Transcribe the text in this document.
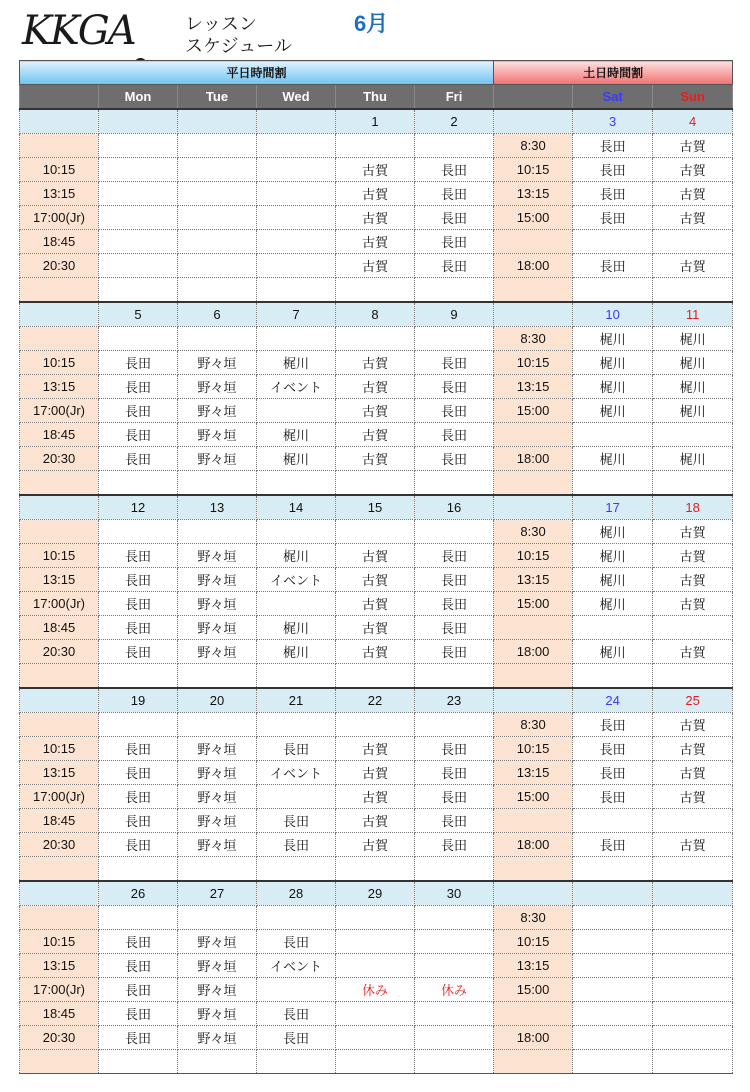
KKGA	レッスン
スケジュール
6月
平日時間割						土日時間割		
	Mon	Tue	Wed	Thu	Fri		Sat	Sun
				1	2		3	4
						8:30	長田	古賀
10:15				古賀	長田	10:15	長田	古賀
13:15				古賀	長田	13:15	長田	古賀
17:00(Jr)				古賀	長田	15:00	長田	古賀
18:45				古賀	長田			
20:30				古賀	長田	18:00	長田	古賀

	5	6	7	8	9		10	11
						8:30	梶川	梶川
10:15	長田	野々垣	梶川	古賀	長田	10:15	梶川	梶川
13:15	長田	野々垣	イベント	古賀	長田	13:15	梶川	梶川
17:00(Jr)	長田	野々垣		古賀	長田	15:00	梶川	梶川
18:45	長田	野々垣	梶川	古賀	長田			
20:30	長田	野々垣	梶川	古賀	長田	18:00	梶川	梶川

	12	13	14	15	16		17	18
						8:30	梶川	古賀
10:15	長田	野々垣	梶川	古賀	長田	10:15	梶川	古賀
13:15	長田	野々垣	イベント	古賀	長田	13:15	梶川	古賀
17:00(Jr)	長田	野々垣		古賀	長田	15:00	梶川	古賀
18:45	長田	野々垣	梶川	古賀	長田			
20:30	長田	野々垣	梶川	古賀	長田	18:00	梶川	古賀

	19	20	21	22	23		24	25
						8:30	長田	古賀
10:15	長田	野々垣	長田	古賀	長田	10:15	長田	古賀
13:15	長田	野々垣	イベント	古賀	長田	13:15	長田	古賀
17:00(Jr)	長田	野々垣		古賀	長田	15:00	長田	古賀
18:45	長田	野々垣	長田	古賀	長田			
20:30	長田	野々垣	長田	古賀	長田	18:00	長田	古賀

	26	27	28	29	30			
						8:30		
10:15	長田	野々垣	長田			10:15		
13:15	長田	野々垣	イベント			13:15		
17:00(Jr)	長田	野々垣		休み	休み	15:00		
18:45	長田	野々垣	長田					
20:30	長田	野々垣	長田			18:00		
